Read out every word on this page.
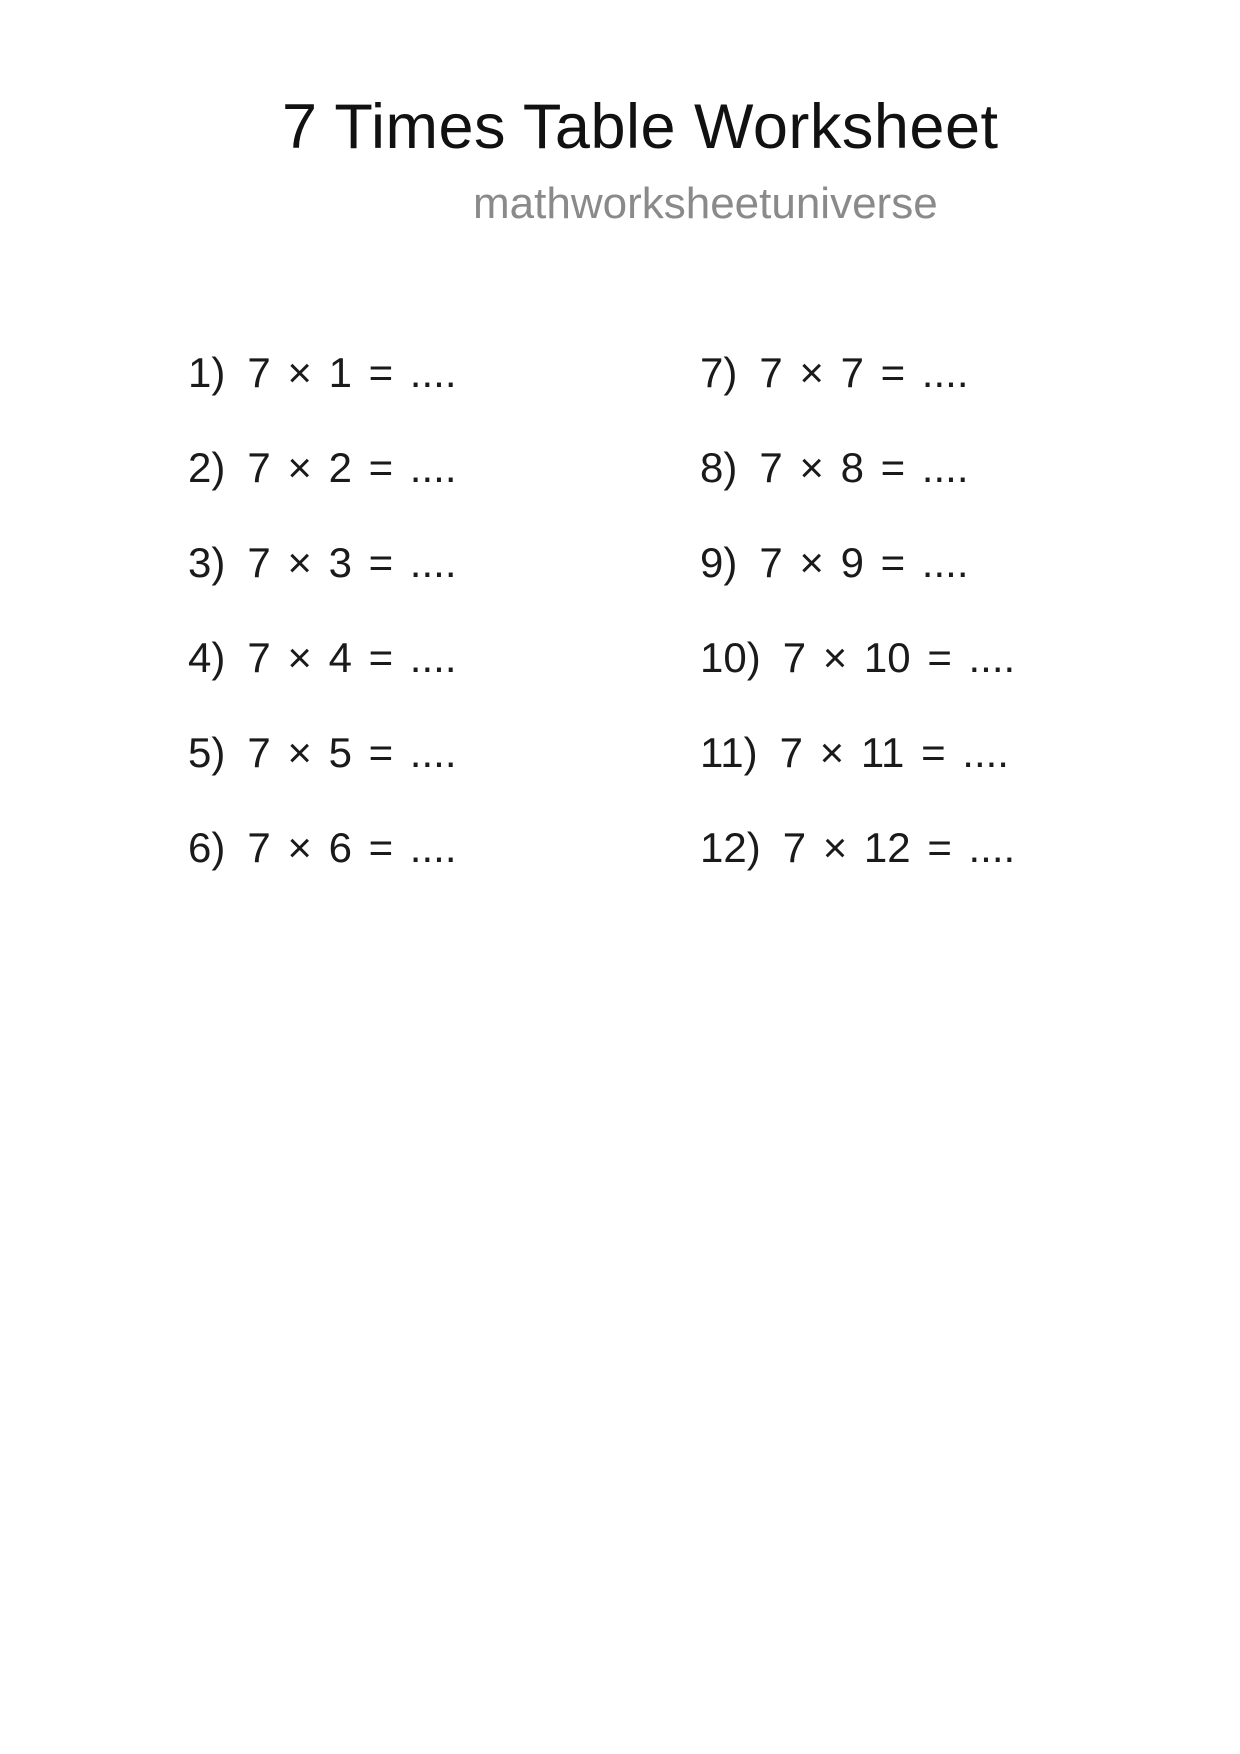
7 Times Table Worksheet
mathworksheetuniverse
1) 7 × 1 = ....
2) 7 × 2 = ....
3) 7 × 3 = ....
4) 7 × 4 = ....
5) 7 × 5 = ....
6) 7 × 6 = ....
7) 7 × 7 = ....
8) 7 × 8 = ....
9) 7 × 9 = ....
10) 7 × 10 = ....
11) 7 × 11 = ....
12) 7 × 12 = ....
